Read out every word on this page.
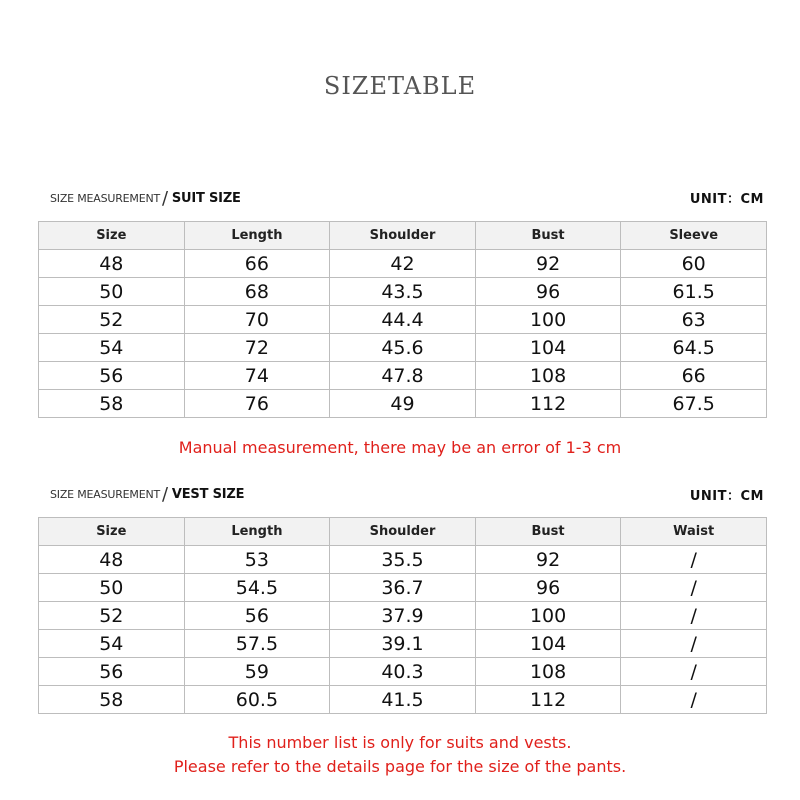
SIZETABLE
SIZE MEASUREMENT / SUIT SIZE	UNIT：CM
Size	Length	Shoulder	Bust	Sleeve
48	66	42	92	60
50	68	43.5	96	61.5
52	70	44.4	100	63
54	72	45.6	104	64.5
56	74	47.8	108	66
58	76	49	112	67.5
Manual measurement, there may be an error of 1-3 cm
SIZE MEASUREMENT / VEST SIZE	UNIT：CM
Size	Length	Shoulder	Bust	Waist
48	53	35.5	92	/
50	54.5	36.7	96	/
52	56	37.9	100	/
54	57.5	39.1	104	/
56	59	40.3	108	/
58	60.5	41.5	112	/
This number list is only for suits and vests.
Please refer to the details page for the size of the pants.
